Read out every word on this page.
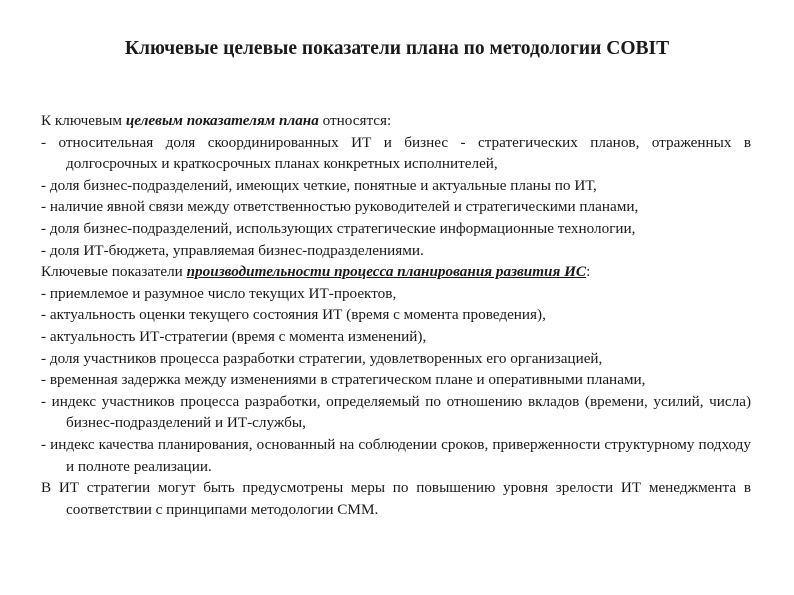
Ключевые целевые показатели плана по методологии COBIT

К ключевым целевым показателям плана относятся:

- относительная доля скоординированных ИТ и бизнес - стратегических планов, отраженных в долгосрочных и краткосрочных планах конкретных исполнителей,

- доля бизнес-подразделений, имеющих четкие, понятные и актуальные планы по ИТ,

- наличие явной связи между ответственностью руководителей и стратегическими планами,

- доля бизнес-подразделений, использующих стратегические информационные технологии,

- доля ИТ-бюджета, управляемая бизнес-подразделениями.

Ключевые показатели производительности процесса планирования развития ИС:

- приемлемое и разумное число текущих ИТ-проектов,

- актуальность оценки текущего состояния ИТ (время с момента проведения),

- актуальность ИТ-стратегии (время с момента изменений),

- доля участников процесса разработки стратегии, удовлетворенных его организацией,

- временная задержка между изменениями в стратегическом плане и оперативными планами,

- индекс участников процесса разработки, определяемый по отношению вкладов (времени, усилий, числа) бизнес-подразделений и ИТ-службы,

- индекс качества планирования, основанный на соблюдении сроков, приверженности структурному подходу и полноте реализации.

В ИТ стратегии могут быть предусмотрены меры по повышению уровня зрелости ИТ менеджмента в соответствии с принципами методологии СММ.
